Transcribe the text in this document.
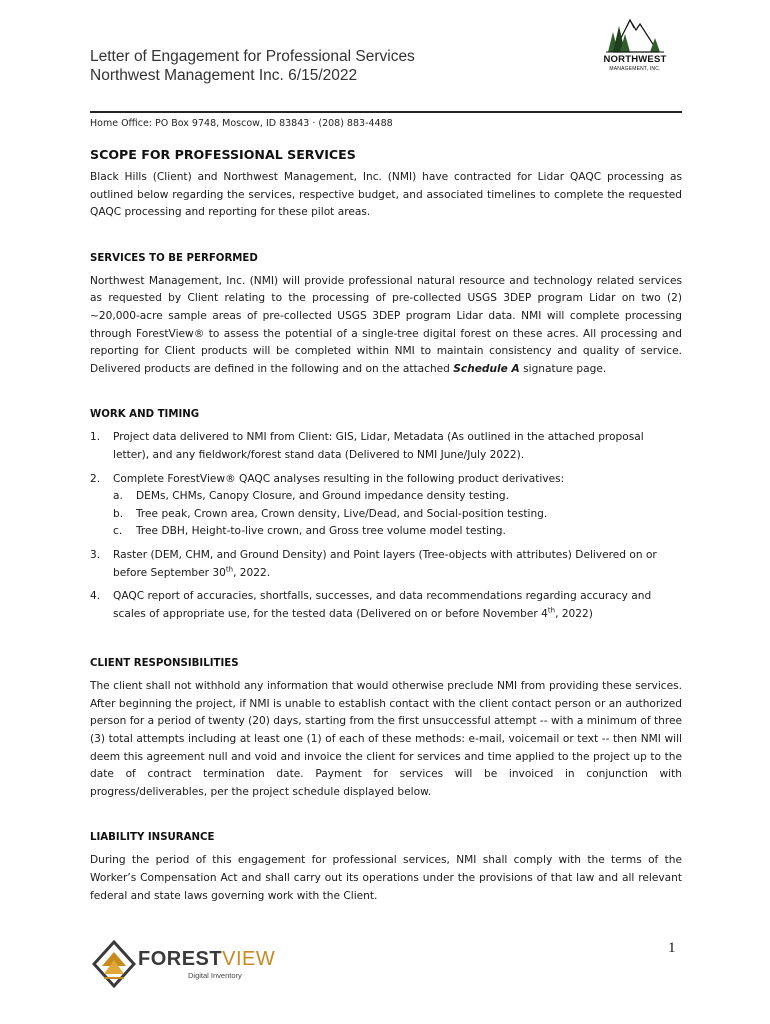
Letter of Engagement for Professional Services
Northwest Management Inc. 6/15/2022
NORTHWEST
MANAGEMENT, INC.
Home Office: PO Box 9748, Moscow, ID 83843 · (208) 883-4488
SCOPE FOR PROFESSIONAL SERVICES

Black Hills (Client) and Northwest Management, Inc. (NMI) have contracted for Lidar QAQC processing as outlined below regarding the services, respective budget, and associated timelines to complete the requested QAQC processing and reporting for these pilot areas.

SERVICES TO BE PERFORMED

Northwest Management, Inc. (NMI) will provide professional natural resource and technology related services as requested by Client relating to the processing of pre-collected USGS 3DEP program Lidar on two (2) ~20,000-acre sample areas of pre-collected USGS 3DEP program Lidar data. NMI will complete processing through ForestView® to assess the potential of a single-tree digital forest on these acres. All processing and reporting for Client products will be completed within NMI to maintain consistency and quality of service. Delivered products are defined in the following and on the attached Schedule A signature page.

WORK AND TIMING
1. Project data delivered to NMI from Client: GIS, Lidar, Metadata (As outlined in the attached proposal letter), and any fieldwork/forest stand data (Delivered to NMI June/July 2022).
2. Complete ForestView® QAQC analyses resulting in the following product derivatives:
a. DEMs, CHMs, Canopy Closure, and Ground impedance density testing.
b. Tree peak, Crown area, Crown density, Live/Dead, and Social-position testing.
c. Tree DBH, Height-to-live crown, and Gross tree volume model testing.
3. Raster (DEM, CHM, and Ground Density) and Point layers (Tree-objects with attributes) Delivered on or before September 30th, 2022.
4. QAQC report of accuracies, shortfalls, successes, and data recommendations regarding accuracy and scales of appropriate use, for the tested data (Delivered on or before November 4th, 2022)
CLIENT RESPONSIBILITIES

The client shall not withhold any information that would otherwise preclude NMI from providing these services. After beginning the project, if NMI is unable to establish contact with the client contact person or an authorized person for a period of twenty (20) days, starting from the first unsuccessful attempt -- with a minimum of three (3) total attempts including at least one (1) of each of these methods: e-mail, voicemail or text -- then NMI will deem this agreement null and void and invoice the client for services and time applied to the project up to the date of contract termination date. Payment for services will be invoiced in conjunction with progress/deliverables, per the project schedule displayed below.

LIABILITY INSURANCE

During the period of this engagement for professional services, NMI shall comply with the terms of the Worker’s Compensation Act and shall carry out its operations under the provisions of that law and all relevant federal and state laws governing work with the Client.

1
FORESTVIEW
Digital Inventory
